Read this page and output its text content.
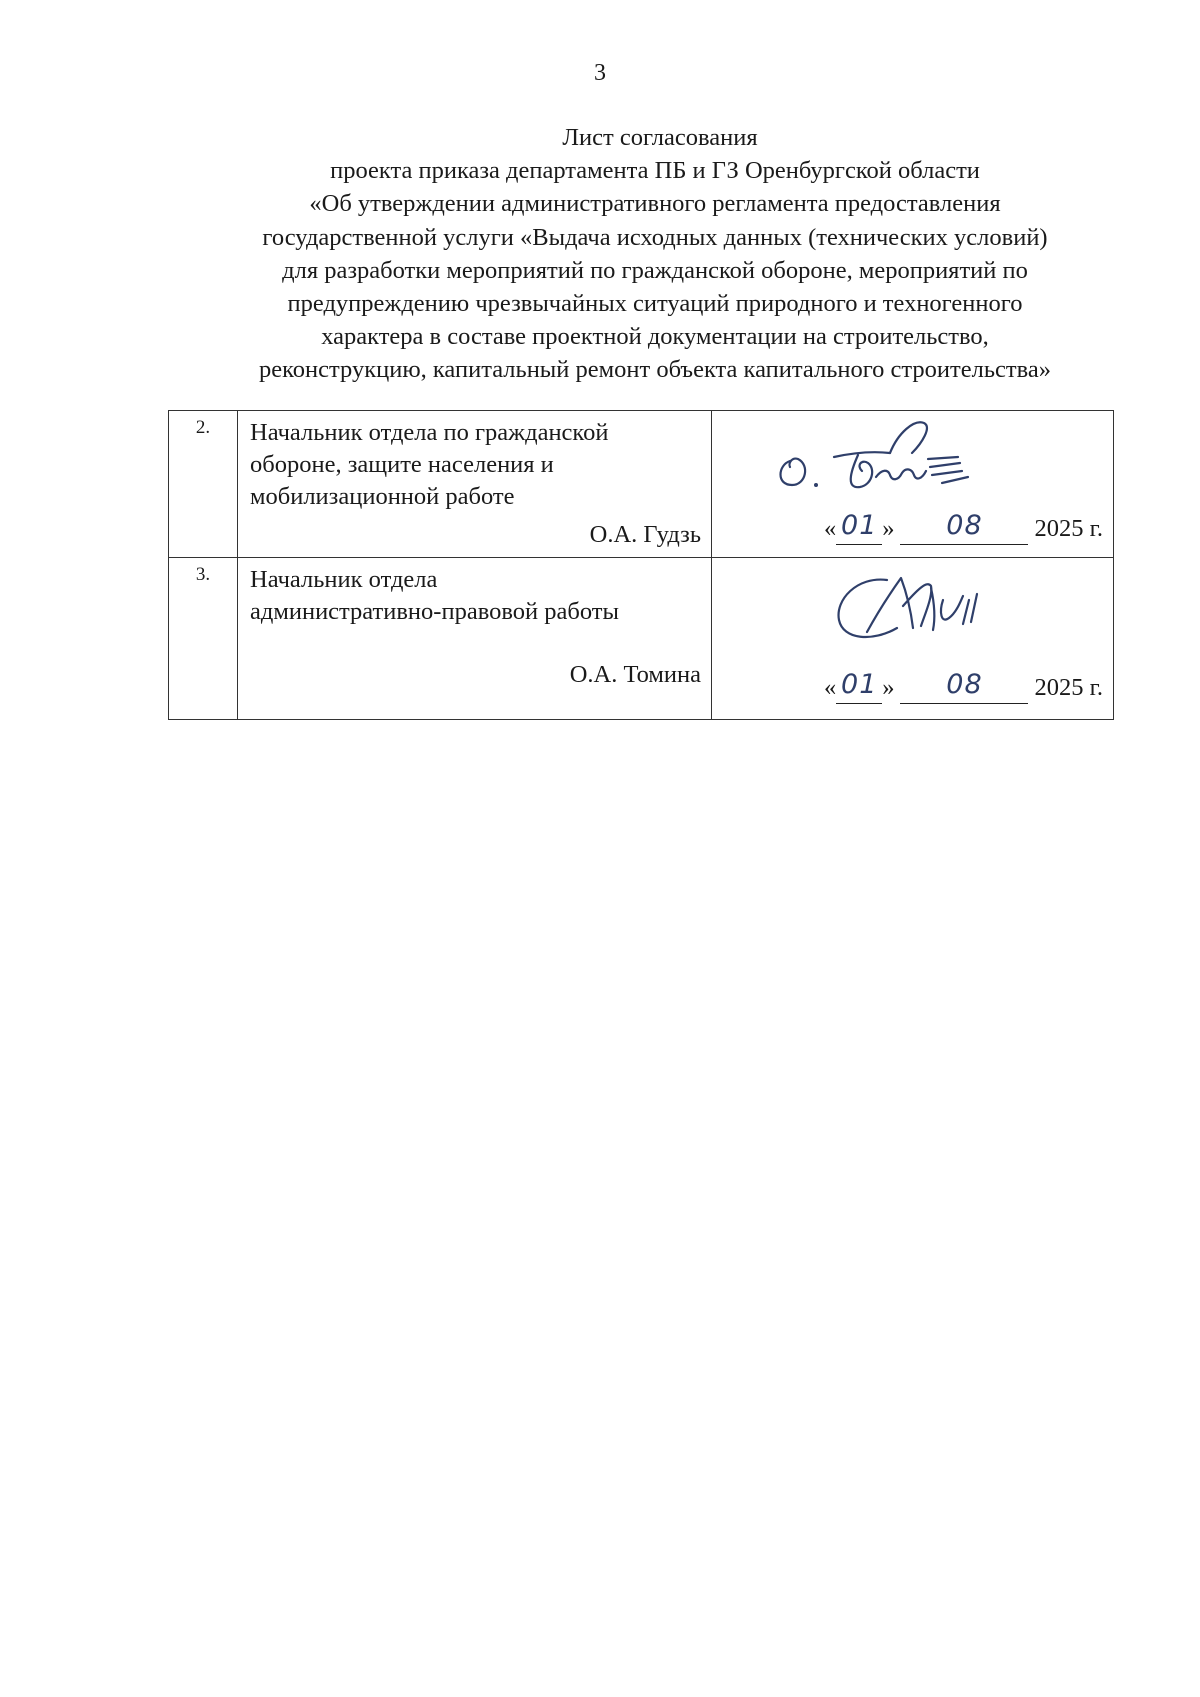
3
Лист согласования
проекта приказа департамента ПБ и ГЗ Оренбургской области
«Об утверждении административного регламента предоставления
государственной услуги «Выдача исходных данных (технических условий)
для разработки мероприятий по гражданской обороне, мероприятий по
предупреждению чрезвычайных ситуаций природного и техногенного
характера в составе проектной документации на строительство,
реконструкцию, капитальный ремонт объекта капитального строительства»
2.	Начальник отдела по гражданской
обороне, защите населения и
мобилизационной работе
О.А. Гудзь	« 01 » 08 2025 г.

3.	Начальник отдела
административно-правовой работы
О.А. Томина	« 01 » 08 2025 г.
